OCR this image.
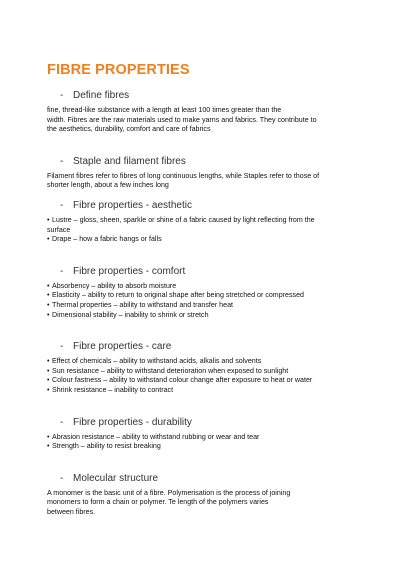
FIBRE PROPERTIES
- Define fibres

fine, thread-like substance with a length at least 100 times greater than the
width. Fibres are the raw materials used to make yarns and fabrics. They contribute to
the aesthetics, durability, comfort and care of fabrics

- Staple and filament fibres

Filament fibres refer to fibres of long continuous lengths, while Staples refer to those of
shorter length, about a few inches long

- Fibre properties - aesthetic
• Lustre – gloss, sheen, sparkle or shine of a fabric caused by light reflecting from the
surface
• Drape – how a fabric hangs or falls
- Fibre properties - comfort
• Absorbency – ability to absorb moisture
• Elasticity – ability to return to original shape after being stretched or compressed
• Thermal properties – ability to withstand and transfer heat
• Dimensional stability – inability to shrink or stretch
- Fibre properties - care
• Effect of chemicals – ability to withstand acids, alkalis and solvents
• Sun resistance – ability to withstand deterioration when exposed to sunlight
• Colour fastness – ability to withstand colour change after exposure to heat or water
• Shrink resistance – inability to contract
- Fibre properties - durability
• Abrasion resistance – ability to withstand rubbing or wear and tear
• Strength – ability to resist breaking
- Molecular structure

A monomer is the basic unit of a fibre. Polymerisation is the process of joining
monomers to form a chain or polymer. Te length of the polymers varies
between fibres.
